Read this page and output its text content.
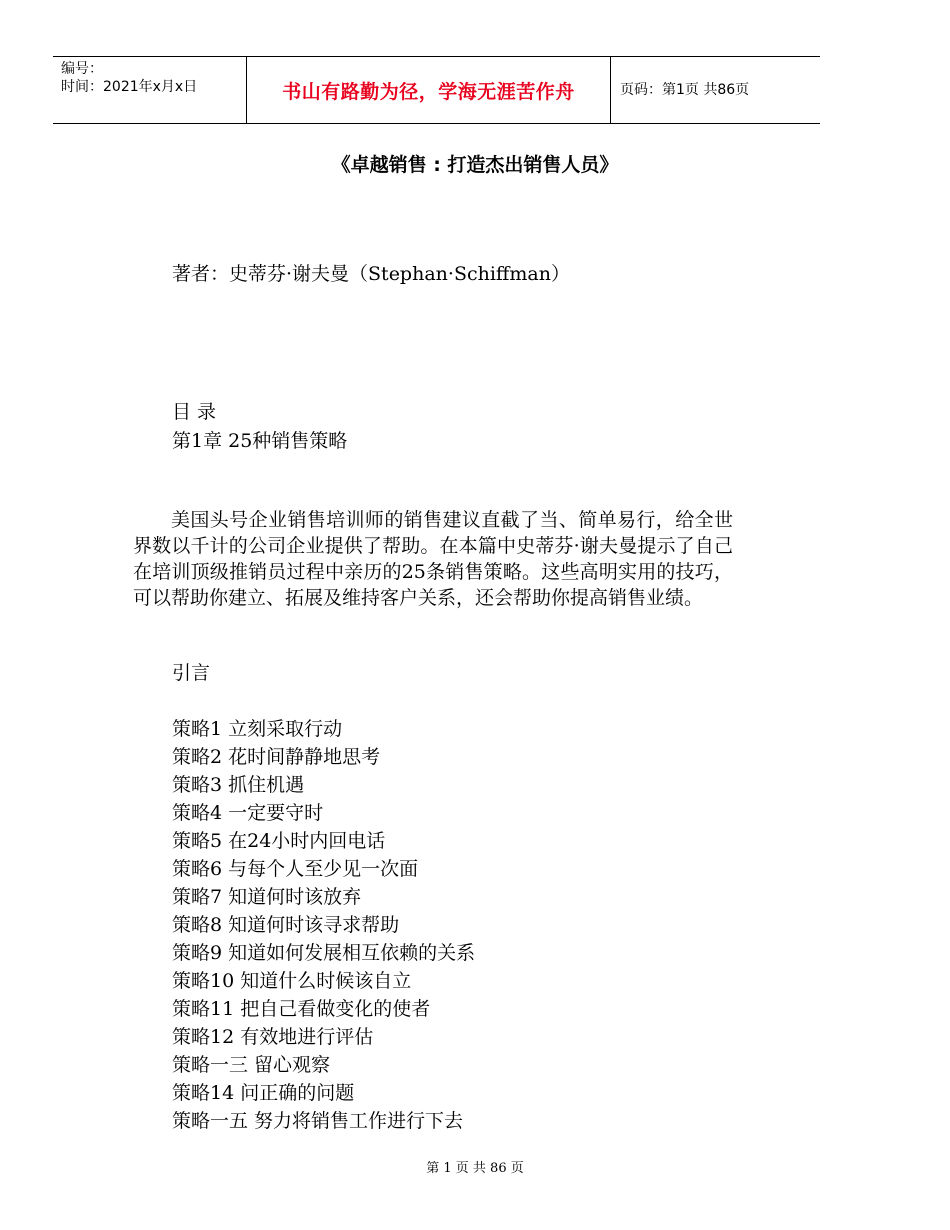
编号：
时间：2021年x月x日	书山有路勤为径，学海无涯苦作舟	页码：第1页 共86页
《卓越销售 : 打造杰出销售人员》
著者：史蒂芬·谢夫曼（Stephan·Schiffman）
目 录
第1章 25种销售策略
美国头号企业销售培训师的销售建议直截了当、简单易行，给全世界数以千计的公司企业提供了帮助。在本篇中史蒂芬·谢夫曼提示了自己在培训顶级推销员过程中亲历的25条销售策略。这些高明实用的技巧，可以帮助你建立、拓展及维持客户关系，还会帮助你提高销售业绩。
引言
策略1 立刻采取行动
策略2 花时间静静地思考
策略3 抓住机遇
策略4 一定要守时
策略5 在24小时内回电话
策略6 与每个人至少见一次面
策略7 知道何时该放弃
策略8 知道何时该寻求帮助
策略9 知道如何发展相互依赖的关系
策略10 知道什么时候该自立
策略11 把自己看做变化的使者
策略12 有效地进行评估
策略一三 留心观察
策略14 问正确的问题
策略一五 努力将销售工作进行下去
第 1 页 共 86 页
